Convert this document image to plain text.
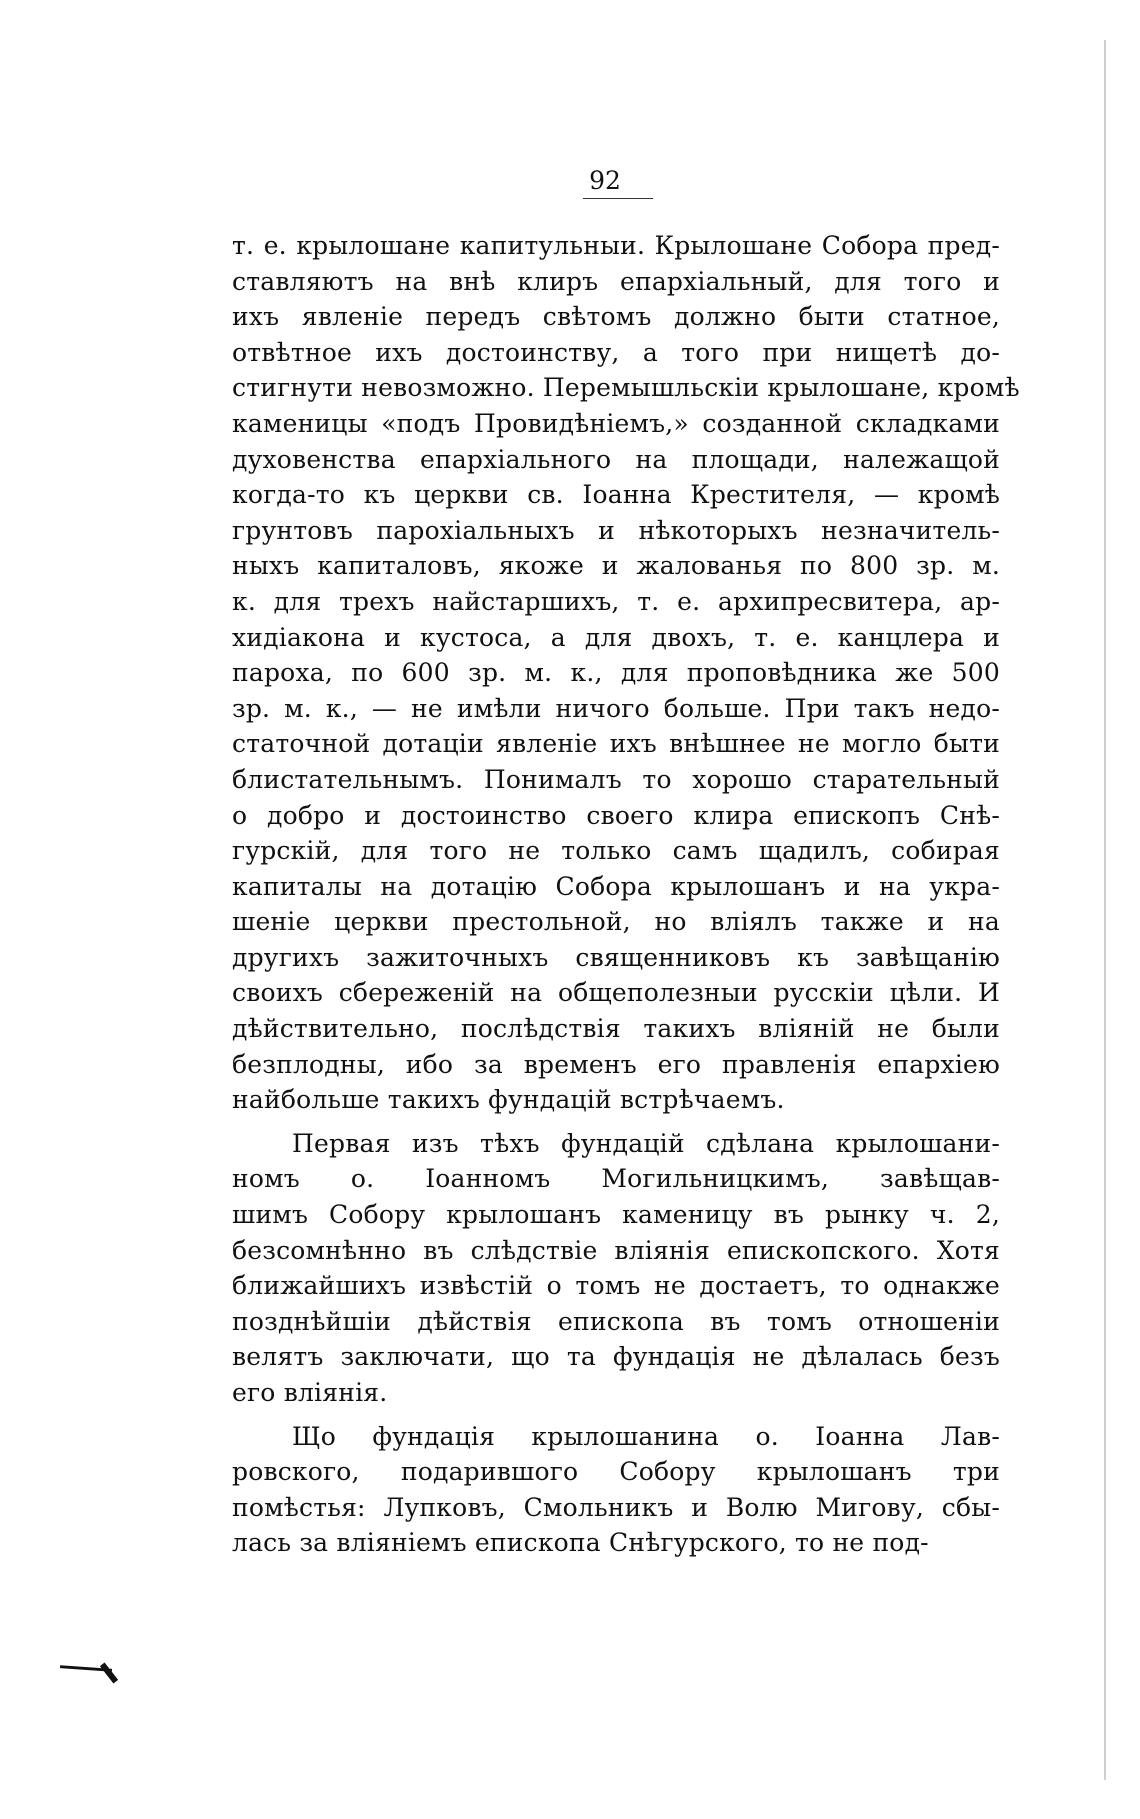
92
т. е. крылошане капитульныи. Крылошане Собора пред-
ставляютъ на внѣ клиръ епархіальный, для того и
ихъ явленіе передъ свѣтомъ должно быти статное,
отвѣтное ихъ достоинству, а того при нищетѣ до-
стигнути невозможно. Перемышльскіи крылошане, кромѣ
каменицы «подъ Провидѣніемъ,» созданной складками
духовенства епархіального на площади, належащой
когда-то къ церкви св. Іоанна Крестителя, — кромѣ
грунтовъ парохіальныхъ и нѣкоторыхъ незначитель-
ныхъ капиталовъ, якоже и жалованья по 800 зр. м.
к. для трехъ найстаршихъ, т. е. архипресвитера, ар-
хидіакона и кустоса, а для двохъ, т. е. канцлера и
пароха, по 600 зр. м. к., для проповѣдника же 500
зр. м. к., — не имѣли ничого больше. При такъ недо-
статочной дотаціи явленіе ихъ внѣшнее не могло быти
блистательнымъ. Понималъ то хорошо старательный
о добро и достоинство своего клира епископъ Снѣ-
гурскій, для того не только самъ щадилъ, собирая
капиталы на дотацію Собора крылошанъ и на укра-
шеніе церкви престольной, но вліялъ также и на
другихъ зажиточныхъ священниковъ къ завѣщанію
своихъ сбереженій на общеполезныи русскіи цѣли. И
дѣйствительно, послѣдствія такихъ вліяній не были
безплодны, ибо за временъ его правленія епархіею
найбольше такихъ фундацій встрѣчаемъ.
Первая изъ тѣхъ фундацій сдѣлана крылошани-
номъ о. Іоанномъ Могильницкимъ, завѣщав-
шимъ Собору крылошанъ каменицу въ рынку ч. 2,
безсомнѣнно въ слѣдствіе вліянія епископского. Хотя
ближайшихъ извѣстій о томъ не достаетъ, то однакже
позднѣйшіи дѣйствія епископа въ томъ отношеніи
велятъ заключати, що та фундація не дѣлалась безъ
его вліянія.
Що фундація крылошанина о. Іоанна Лав-
ровского, подарившого Собору крылошанъ три
помѣстья: Лупковъ, Смольникъ и Волю Мигову, сбы-
лась за вліяніемъ епископа Снѣгурского, то не под-
